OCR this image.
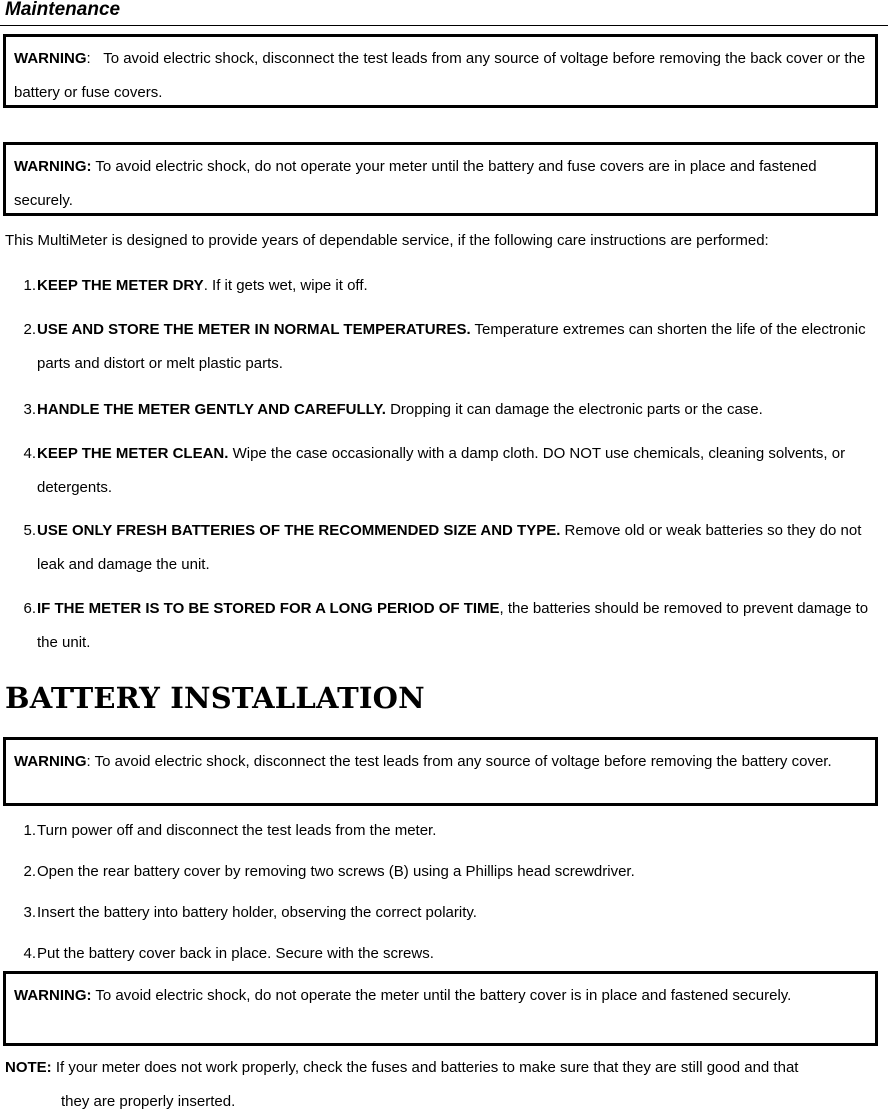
Maintenance
WARNING: To avoid electric shock, disconnect the test leads from any source of voltage before removing the back cover or the battery or fuse covers.
WARNING: To avoid electric shock, do not operate your meter until the battery and fuse covers are in place and fastened securely.
This MultiMeter is designed to provide years of dependable service, if the following care instructions are performed:
1. KEEP THE METER DRY. If it gets wet, wipe it off.
2. USE AND STORE THE METER IN NORMAL TEMPERATURES. Temperature extremes can shorten the life of the electronic parts and distort or melt plastic parts.
3. HANDLE THE METER GENTLY AND CAREFULLY. Dropping it can damage the electronic parts or the case.
4. KEEP THE METER CLEAN. Wipe the case occasionally with a damp cloth. DO NOT use chemicals, cleaning solvents, or detergents.
5. USE ONLY FRESH BATTERIES OF THE RECOMMENDED SIZE AND TYPE. Remove old or weak batteries so they do not leak and damage the unit.
6. IF THE METER IS TO BE STORED FOR A LONG PERIOD OF TIME, the batteries should be removed to prevent damage to the unit.
BATTERY INSTALLATION
WARNING: To avoid electric shock, disconnect the test leads from any source of voltage before removing the battery cover.
1. Turn power off and disconnect the test leads from the meter.
2. Open the rear battery cover by removing two screws (B) using a Phillips head screwdriver.
3. Insert the battery into battery holder, observing the correct polarity.
4. Put the battery cover back in place. Secure with the screws.
WARNING: To avoid electric shock, do not operate the meter until the battery cover is in place and fastened securely.
NOTE: If your meter does not work properly, check the fuses and batteries to make sure that they are still good and that
they are properly inserted.
